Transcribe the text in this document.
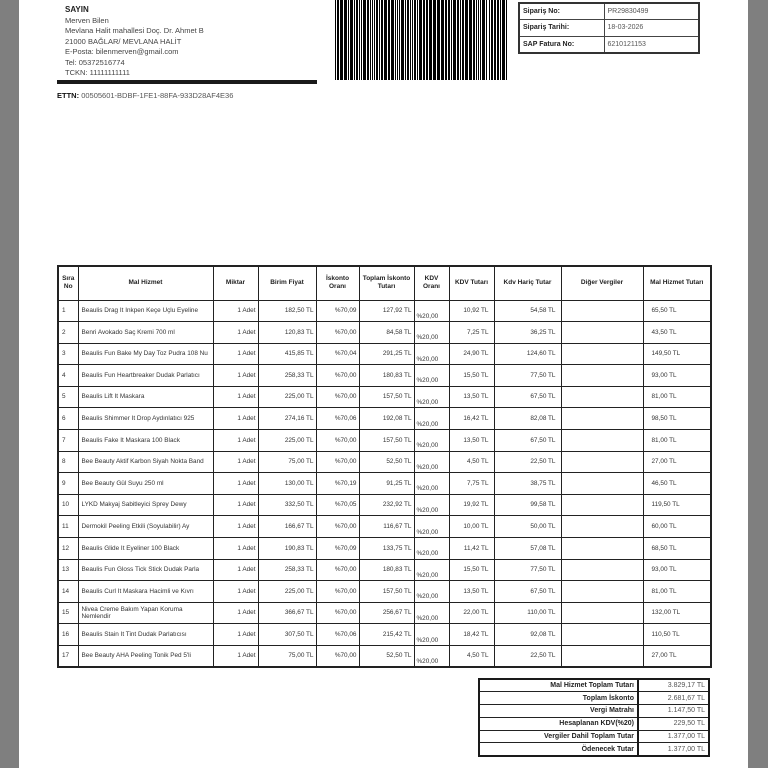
SAYIN
Merven Bilen
Mevlana Halit mahallesi Doç. Dr. Ahmet B
21000 BAĞLAR/ MEVLANA HALİT
E-Posta: bilenmerven@gmail.com
Tel: 05372516774
TCKN: 11111111111
ETTN: 00505601-BDBF-1FE1-88FA-933D28AF4E36
Sipariş No:	PR29830499
Sipariş Tarihi:	18-03-2026
SAP Fatura No:	6210121153
Sıra No	Mal Hizmet	Miktar	Birim Fiyat	İskonto Oranı	Toplam İskonto Tutarı	KDV Oranı	KDV Tutarı	Kdv Hariç Tutar	Diğer Vergiler	Mal Hizmet Tutarı
1	Beaulis Drag It Inkpen Keçe Uçlu Eyeline	1 Adet	182,50 TL	%70,09	127,92 TL	%20,00	10,92 TL	54,58 TL		65,50 TL
2	Benri Avokado Saç Kremi 700 ml	1 Adet	120,83 TL	%70,00	84,58 TL	%20,00	7,25 TL	36,25 TL		43,50 TL
3	Beaulis Fun Bake My Day Toz Pudra 108 Nu	1 Adet	415,85 TL	%70,04	291,25 TL	%20,00	24,90 TL	124,60 TL		149,50 TL
4	Beaulis Fun Heartbreaker Dudak Parlatıcı	1 Adet	258,33 TL	%70,00	180,83 TL	%20,00	15,50 TL	77,50 TL		93,00 TL
5	Beaulis Lift It Maskara	1 Adet	225,00 TL	%70,00	157,50 TL	%20,00	13,50 TL	67,50 TL		81,00 TL
6	Beaulis Shimmer It Drop Aydınlatıcı 925	1 Adet	274,16 TL	%70,06	192,08 TL	%20,00	16,42 TL	82,08 TL		98,50 TL
7	Beaulis Fake It Maskara 100 Black	1 Adet	225,00 TL	%70,00	157,50 TL	%20,00	13,50 TL	67,50 TL		81,00 TL
8	Bee Beauty Aktif Karbon Siyah Nokta Band	1 Adet	75,00 TL	%70,00	52,50 TL	%20,00	4,50 TL	22,50 TL		27,00 TL
9	Bee Beauty Gül Suyu 250 ml	1 Adet	130,00 TL	%70,19	91,25 TL	%20,00	7,75 TL	38,75 TL		46,50 TL
10	LYKD Makyaj Sabitleyici Sprey Dewy	1 Adet	332,50 TL	%70,05	232,92 TL	%20,00	19,92 TL	99,58 TL		119,50 TL
11	Dermokil Peeling Etkili (Soyulabilir) Ay	1 Adet	166,67 TL	%70,00	116,67 TL	%20,00	10,00 TL	50,00 TL		60,00 TL
12	Beaulis Glide It Eyeliner 100 Black	1 Adet	190,83 TL	%70,09	133,75 TL	%20,00	11,42 TL	57,08 TL		68,50 TL
13	Beaulis Fun Gloss Tick Stick Dudak Parla	1 Adet	258,33 TL	%70,00	180,83 TL	%20,00	15,50 TL	77,50 TL		93,00 TL
14	Beaulis Curl It Maskara Hacimli ve Kıvrı	1 Adet	225,00 TL	%70,00	157,50 TL	%20,00	13,50 TL	67,50 TL		81,00 TL
15	Nivea Creme Bakım Yapan Koruma Nemlendir	1 Adet	366,67 TL	%70,00	256,67 TL	%20,00	22,00 TL	110,00 TL		132,00 TL
16	Beaulis Stain It Tint Dudak Parlatıcısı	1 Adet	307,50 TL	%70,06	215,42 TL	%20,00	18,42 TL	92,08 TL		110,50 TL
17	Bee Beauty AHA Peeling Tonik Ped 5'li	1 Adet	75,00 TL	%70,00	52,50 TL	%20,00	4,50 TL	22,50 TL		27,00 TL
Mal Hizmet Toplam Tutarı	3.829,17 TL
Toplam İskonto	2.681,67 TL
Vergi Matrahı	1.147,50 TL
Hesaplanan KDV(%20)	229,50 TL
Vergiler Dahil Toplam Tutar	1.377,00 TL
Ödenecek Tutar	1.377,00 TL
